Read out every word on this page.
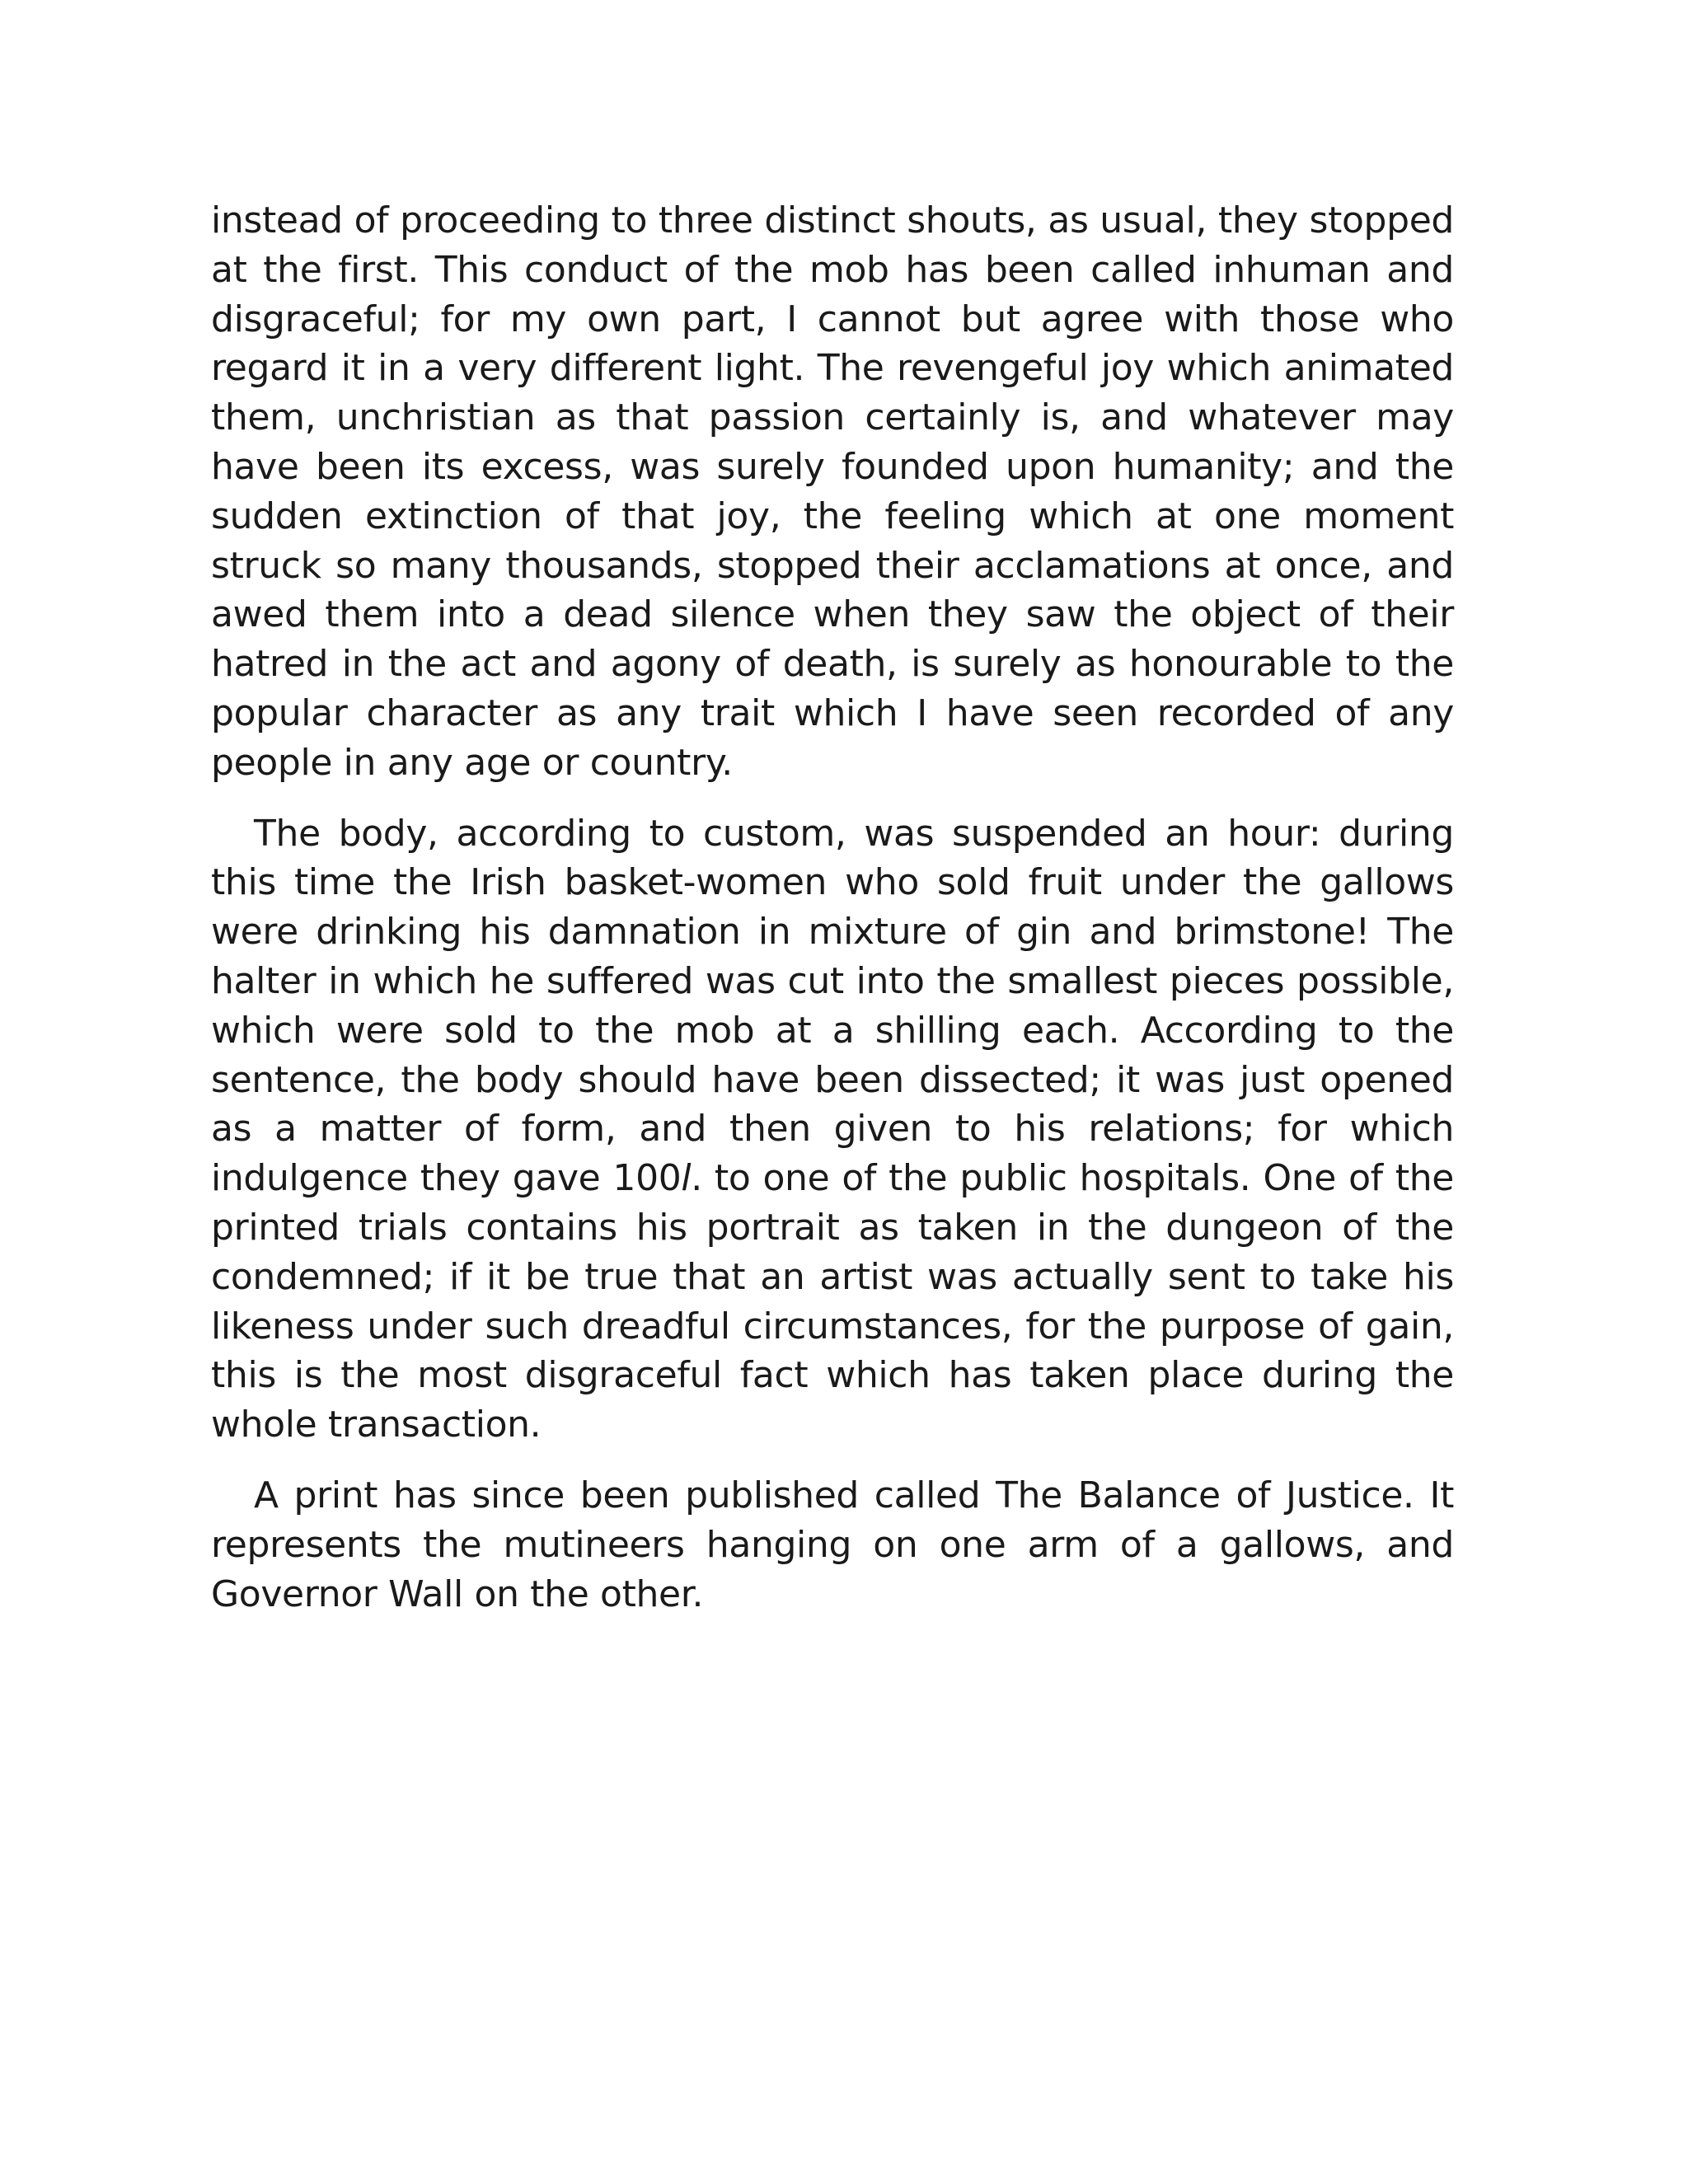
instead of proceeding to three distinct shouts, as usual, they stopped at the first. This conduct of the mob has been called inhuman and disgraceful; for my own part, I cannot but agree with those who regard it in a very different light. The revengeful joy which animated them, unchristian as that passion certainly is, and whatever may have been its excess, was surely founded upon humanity; and the sudden extinction of that joy, the feeling which at one moment struck so many thousands, stopped their acclamations at once, and awed them into a dead silence when they saw the object of their hatred in the act and agony of death, is surely as honourable to the popular character as any trait which I have seen recorded of any people in any age or country.

The body, according to custom, was suspended an hour: during this time the Irish basket-women who sold fruit under the gallows were drinking his damnation in mixture of gin and brimstone! The halter in which he suffered was cut into the smallest pieces possible, which were sold to the mob at a shilling each. According to the sentence, the body should have been dissected; it was just opened as a matter of form, and then given to his relations; for which indulgence they gave 100l. to one of the public hospitals. One of the printed trials contains his portrait as taken in the dungeon of the condemned; if it be true that an artist was actually sent to take his likeness under such dreadful circumstances, for the purpose of gain, this is the most disgraceful fact which has taken place during the whole transaction.

A print has since been published called The Balance of Justice. It represents the mutineers hanging on one arm of a gallows, and Governor Wall on the other.
